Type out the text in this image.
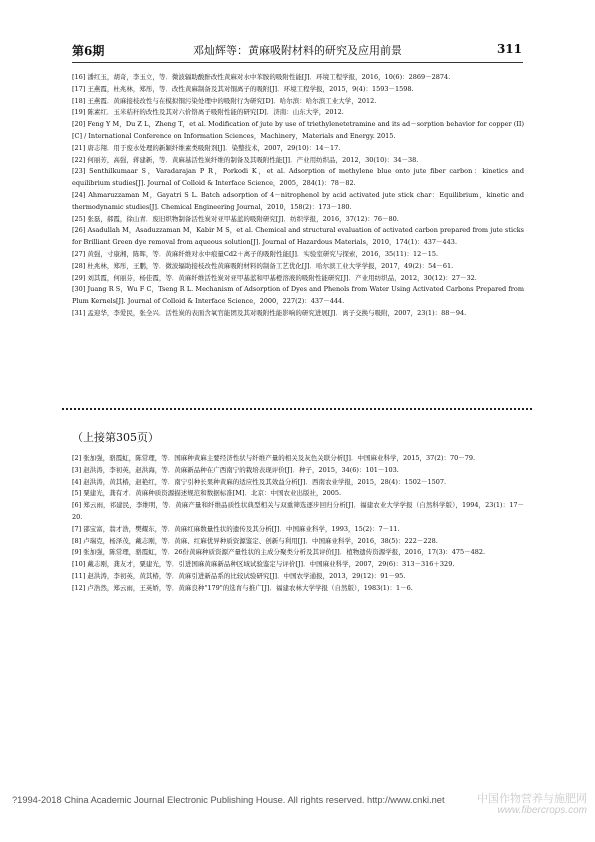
第6期	邓灿辉等：黄麻吸附材料的研究及应用前景	311
[16] 潘红玉，胡奇，李玉立，等．微波辐助酸酐改性黄麻对水中苯胺的吸附性能[J]．环境工程学报，2016，10(6)：2869－2874.
[17] 王燕霞，杜兆林，郑彤，等．改性黄麻制备及其对铜离子的吸附[J]．环境工程学报，2015，9(4)：1593－1598.
[18] 王燕霞．黄麻接枝改性与在模拟铜污染处理中的吸附行为研究[D]．哈尔滨：哈尔滨工业大学，2012.
[19] 陈素红．玉米秸秆的改性及其对六价铬离子吸附性能的研究[D]．济南：山东大学，2012.
[20] Feng Y M，Du Z L，Zheng T，et al. Modification of jute by use of triethylenetetramine and its ad－sorption behavior for copper (II)[C] / International Conference on Information Sciences，Machinery，Materials and Energy. 2015.
[21] 唐志翔．用于废水处理的新颖纤维素类吸附剂[J]．染整技术，2007，29(10)：14－17.
[22] 何丽芳，高强，蒋建新，等．黄麻基活性炭纤维的制备及其吸附性能[J]．产业用纺织品，2012，30(10)：34－38.
[23] Senthilkumaar S，Varadarajan P R，Porkodi K，et al. Adsorption of methylene blue onto jute fiber carbon：kinetics and equilibrium studies[J]. Journal of Colloid & Interface Science，2005，284(1)：78－82.
[24] Ahmaruzzaman M，Gayatri S L. Batch adsorption of 4－nitrophenol by acid activated jute stick char：Equilibrium，kinetic and thermodynamic studies[J]. Chemical Engineering Journal，2010，158(2)：173－180.
[25] 张磊，郝霞，徐山青．废旧织物制备活性炭对亚甲基蓝的吸附研究[J]．纺织学报，2016，37(12)：76－80.
[26] Asadullah M，Asaduzzaman M，Kabir M S，et al. Chemical and structural evaluation of activated carbon prepared from jute sticks for Brilliant Green dye removal from aqueous solution[J]. Journal of Hazardous Materials，2010，174(1)：437－443.
[27] 黄强，寸康湘，陈晖，等．黄麻纤维对水中痕量Cd2＋离子的吸附性能[J]．实验室研究与探索，2016，35(11)：12－15.
[28] 杜兆林，郑彤，王鹏，等．微波辐助接枝改性黄麻吸附材料的制备工艺优化[J]．哈尔滨工业大学学报，2017，49(2)：54－61.
[29] 刘其霞，何丽芬，杨佳霞，等．黄麻纤维活性炭对亚甲基蓝和甲基橙溶液的吸附性能研究[J]．产业用纺织品，2012，30(12)：27－32.
[30] Juang R S，Wu F C，Tseng R L. Mechanism of Adsorption of Dyes and Phenols from Water Using Activated Carbons Prepared from Plum Kernels[J]. Journal of Colloid & Interface Science，2000，227(2)：437－444.
[31] 孟迎华，李爱民，张全兴．活性炭的表面含氧官能团及其对吸附性能影响的研究进展[J]．离子交换与吸附，2007，23(1)：88－94.
（上接第305页）
[2] 张加强，骆霞虹，陈常理，等．国麻种黄麻主要经济性状与纤维产量的相关及灰色关联分析[J]．中国麻业科学，2015，37(2)：70－79.
[3] 赵洪涛，李初英，赵洪海，等．黄麻新品种在广西南宁的栽培表现评价[J]．种子，2015，34(6)：101－103.
[4] 赵洪涛，黄其椿，赵艳红，等．南宁引种长果种黄麻的适应性及其效益分析[J]．西南农业学报，2015，28(4)：1502－1507.
[5] 粟建光，龚有才．黄麻种质资源描述规范和数据标准[M]．北京：中国农业出版社，2005.
[6] 郑云雨，祁建民，李维明，等．黄麻产量和纤维品质性状典型相关与双重筛选逐步回归分析[J]．福建农业大学学报（自然科学版），1994，23(1)：17－20.
[7] 邵宝富，翁才浩，樊耀东，等．黄麻红麻数量性状的遗传及其分析[J]．中国麻业科学，1993，15(2)：7－11.
[8] 卢瑞克，杨泽茂，戴志刚，等．黄麻、红麻优异种质资源鉴定、创新与利用[J]．中国麻业科学，2016，38(5)：222－228.
[9] 张加强，陈常理，骆霞虹，等．26份黄麻种质资源产量性状的主成分聚类分析及其评价[J]．植物遗传资源学报，2016，17(3)：475－482.
[10] 戴志刚，龚友才，粟建光，等．引进国麻黄麻新品种区域试验鉴定与评价[J]．中国麻业科学，2007，29(6)：313－316＋329.
[11] 赵洪涛，李初英，黄其椿，等．黄麻引进新品系的比较试验研究[J]．中国农学通报，2013，29(12)：91－95.
[12] 卢浩然，郑云雨，王英娇，等．黄麻良种"179"的选育与推广[J]．福建农林大学学报（自然版），1983(1)：1－6.
?1994-2018 China Academic Journal Electronic Publishing House. All rights reserved. http://www.cnki.net	中国作物营养与施肥网
www.fibercrops.com
